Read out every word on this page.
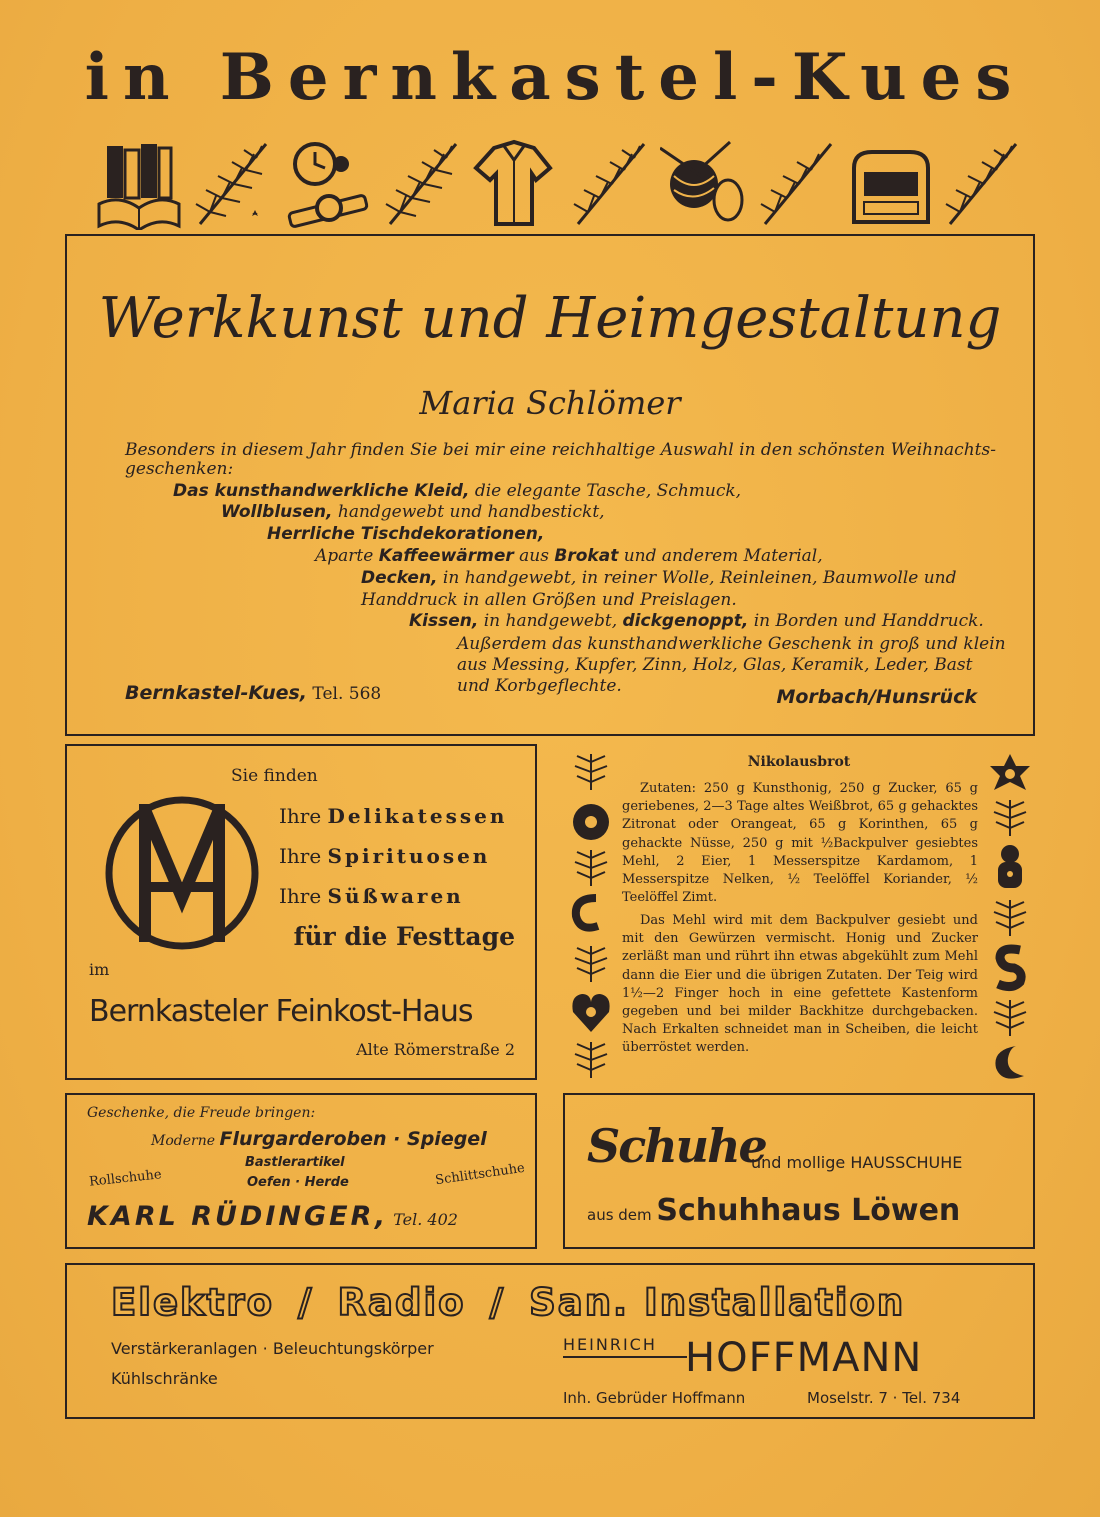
in Bernkastel-Kues
Werkkunst und Heimgestaltung
Maria Schlömer
Besonders in diesem Jahr finden Sie bei mir eine reichhaltige Auswahl in den schönsten Weihnachts-
geschenken:
Das kunsthandwerkliche Kleid, die elegante Tasche, Schmuck,
Wollblusen, handgewebt und handbestickt,
Herrliche Tischdekorationen,
Aparte Kaffeewärmer aus Brokat und anderem Material,
Decken, in handgewebt, in reiner Wolle, Reinleinen, Baumwolle und
Handdruck in allen Größen und Preislagen.
Kissen, in handgewebt, dickgenoppt, in Borden und Handdruck.
Außerdem das kunsthandwerkliche Geschenk in groß und klein
aus Messing, Kupfer, Zinn, Holz, Glas, Keramik, Leder, Bast
und Korbgeflechte.
Bernkastel-Kues, Tel. 568	Morbach/Hunsrück
Sie finden
Ihre Delikatessen
Ihre Spirituosen
Ihre Süßwaren
für die Festtage
im
Bernkasteler Feinkost-Haus
Alte Römerstraße 2
Nikolausbrot
Zutaten: 250 g Kunsthonig, 250 g Zucker, 65 g geriebenes, 2—3 Tage altes Weißbrot, 65 g gehacktes Zitronat oder Orangeat, 65 g Korinthen, 65 g gehackte Nüsse, 250 g mit ½Backpulver gesiebtes Mehl, 2 Eier, 1 Messerspitze Kardamom, 1 Messerspitze Nelken, ½ Teelöffel Koriander, ½ Teelöffel Zimt.
Das Mehl wird mit dem Backpulver gesiebt und mit den Gewürzen vermischt. Honig und Zucker zerläßt man und rührt ihn etwas abgekühlt zum Mehl dann die Eier und die übrigen Zutaten. Der Teig wird 1½—2 Finger hoch in eine gefettete Kastenform gegeben und bei milder Backhitze durchgebacken. Nach Erkalten schneidet man in Scheiben, die leicht überröstet werden.
Geschenke, die Freude bringen:
Moderne Flurgarderoben · Spiegel
Bastlerartikel
Oefen · Herde
Rollschuhe	Schlittschuhe
KARL RÜDINGER, Tel. 402
Schuhe
und mollige HAUSSCHUHE
aus dem Schuhhaus Löwen
Elektro / Radio / San. Installation
Verstärkeranlagen · Beleuchtungskörper
Kühlschränke
HEINRICH HOFFMANN
Inh. Gebrüder Hoffmann	Moselstr. 7 · Tel. 734
